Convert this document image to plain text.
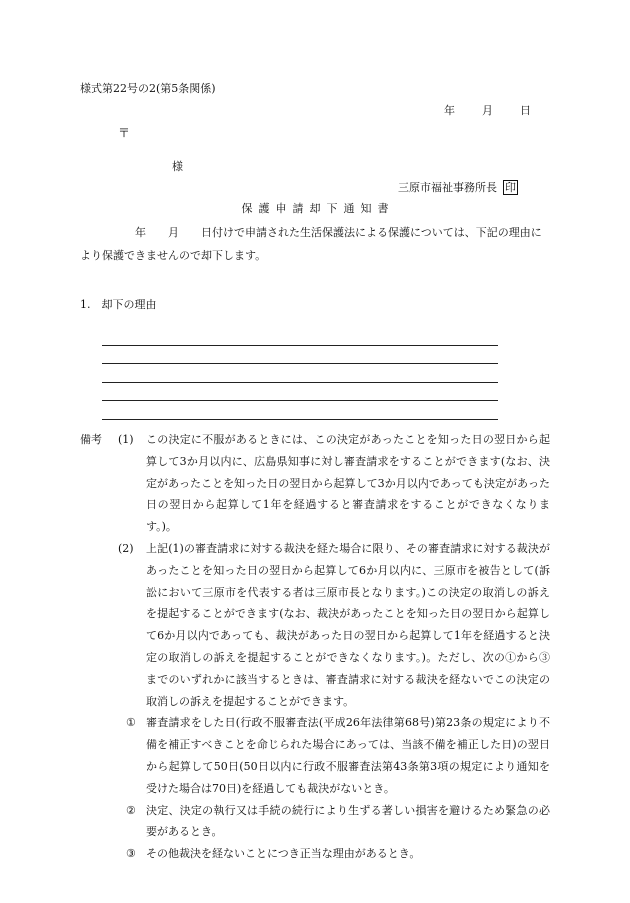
様式第22号の2(第5条関係)
年 月 日
〒
様
三原市福祉事務所長 印
保護申請却下通知書
　　　　　年　　月　　日付けで申請された生活保護法による保護については、下記の理由により保護できませんので却下します。
1.　却下の理由
備考 (1) この決定に不服があるときには、この決定があったことを知った日の翌日から起算して3か月以内に、広島県知事に対し審査請求をすることができます(なお、決定があったことを知った日の翌日から起算して3か月以内であっても決定があった日の翌日から起算して1年を経過すると審査請求をすることができなくなります。)。
(2) 上記(1)の審査請求に対する裁決を経た場合に限り、その審査請求に対する裁決があったことを知った日の翌日から起算して6か月以内に、三原市を被告として(訴訟において三原市を代表する者は三原市長となります。)この決定の取消しの訴えを提起することができます(なお、裁決があったことを知った日の翌日から起算して6か月以内であっても、裁決があった日の翌日から起算して1年を経過すると決定の取消しの訴えを提起することができなくなります。)。ただし、次の①から③までのいずれかに該当するときは、審査請求に対する裁決を経ないでこの決定の取消しの訴えを提起することができます。
① 審査請求をした日(行政不服審査法(平成26年法律第68号)第23条の規定により不備を補正すべきことを命じられた場合にあっては、当該不備を補正した日)の翌日から起算して50日(50日以内に行政不服審査法第43条第3項の規定により通知を受けた場合は70日)を経過しても裁決がないとき。
② 決定、決定の執行又は手続の続行により生ずる著しい損害を避けるため緊急の必要があるとき。
③ その他裁決を経ないことにつき正当な理由があるとき。
